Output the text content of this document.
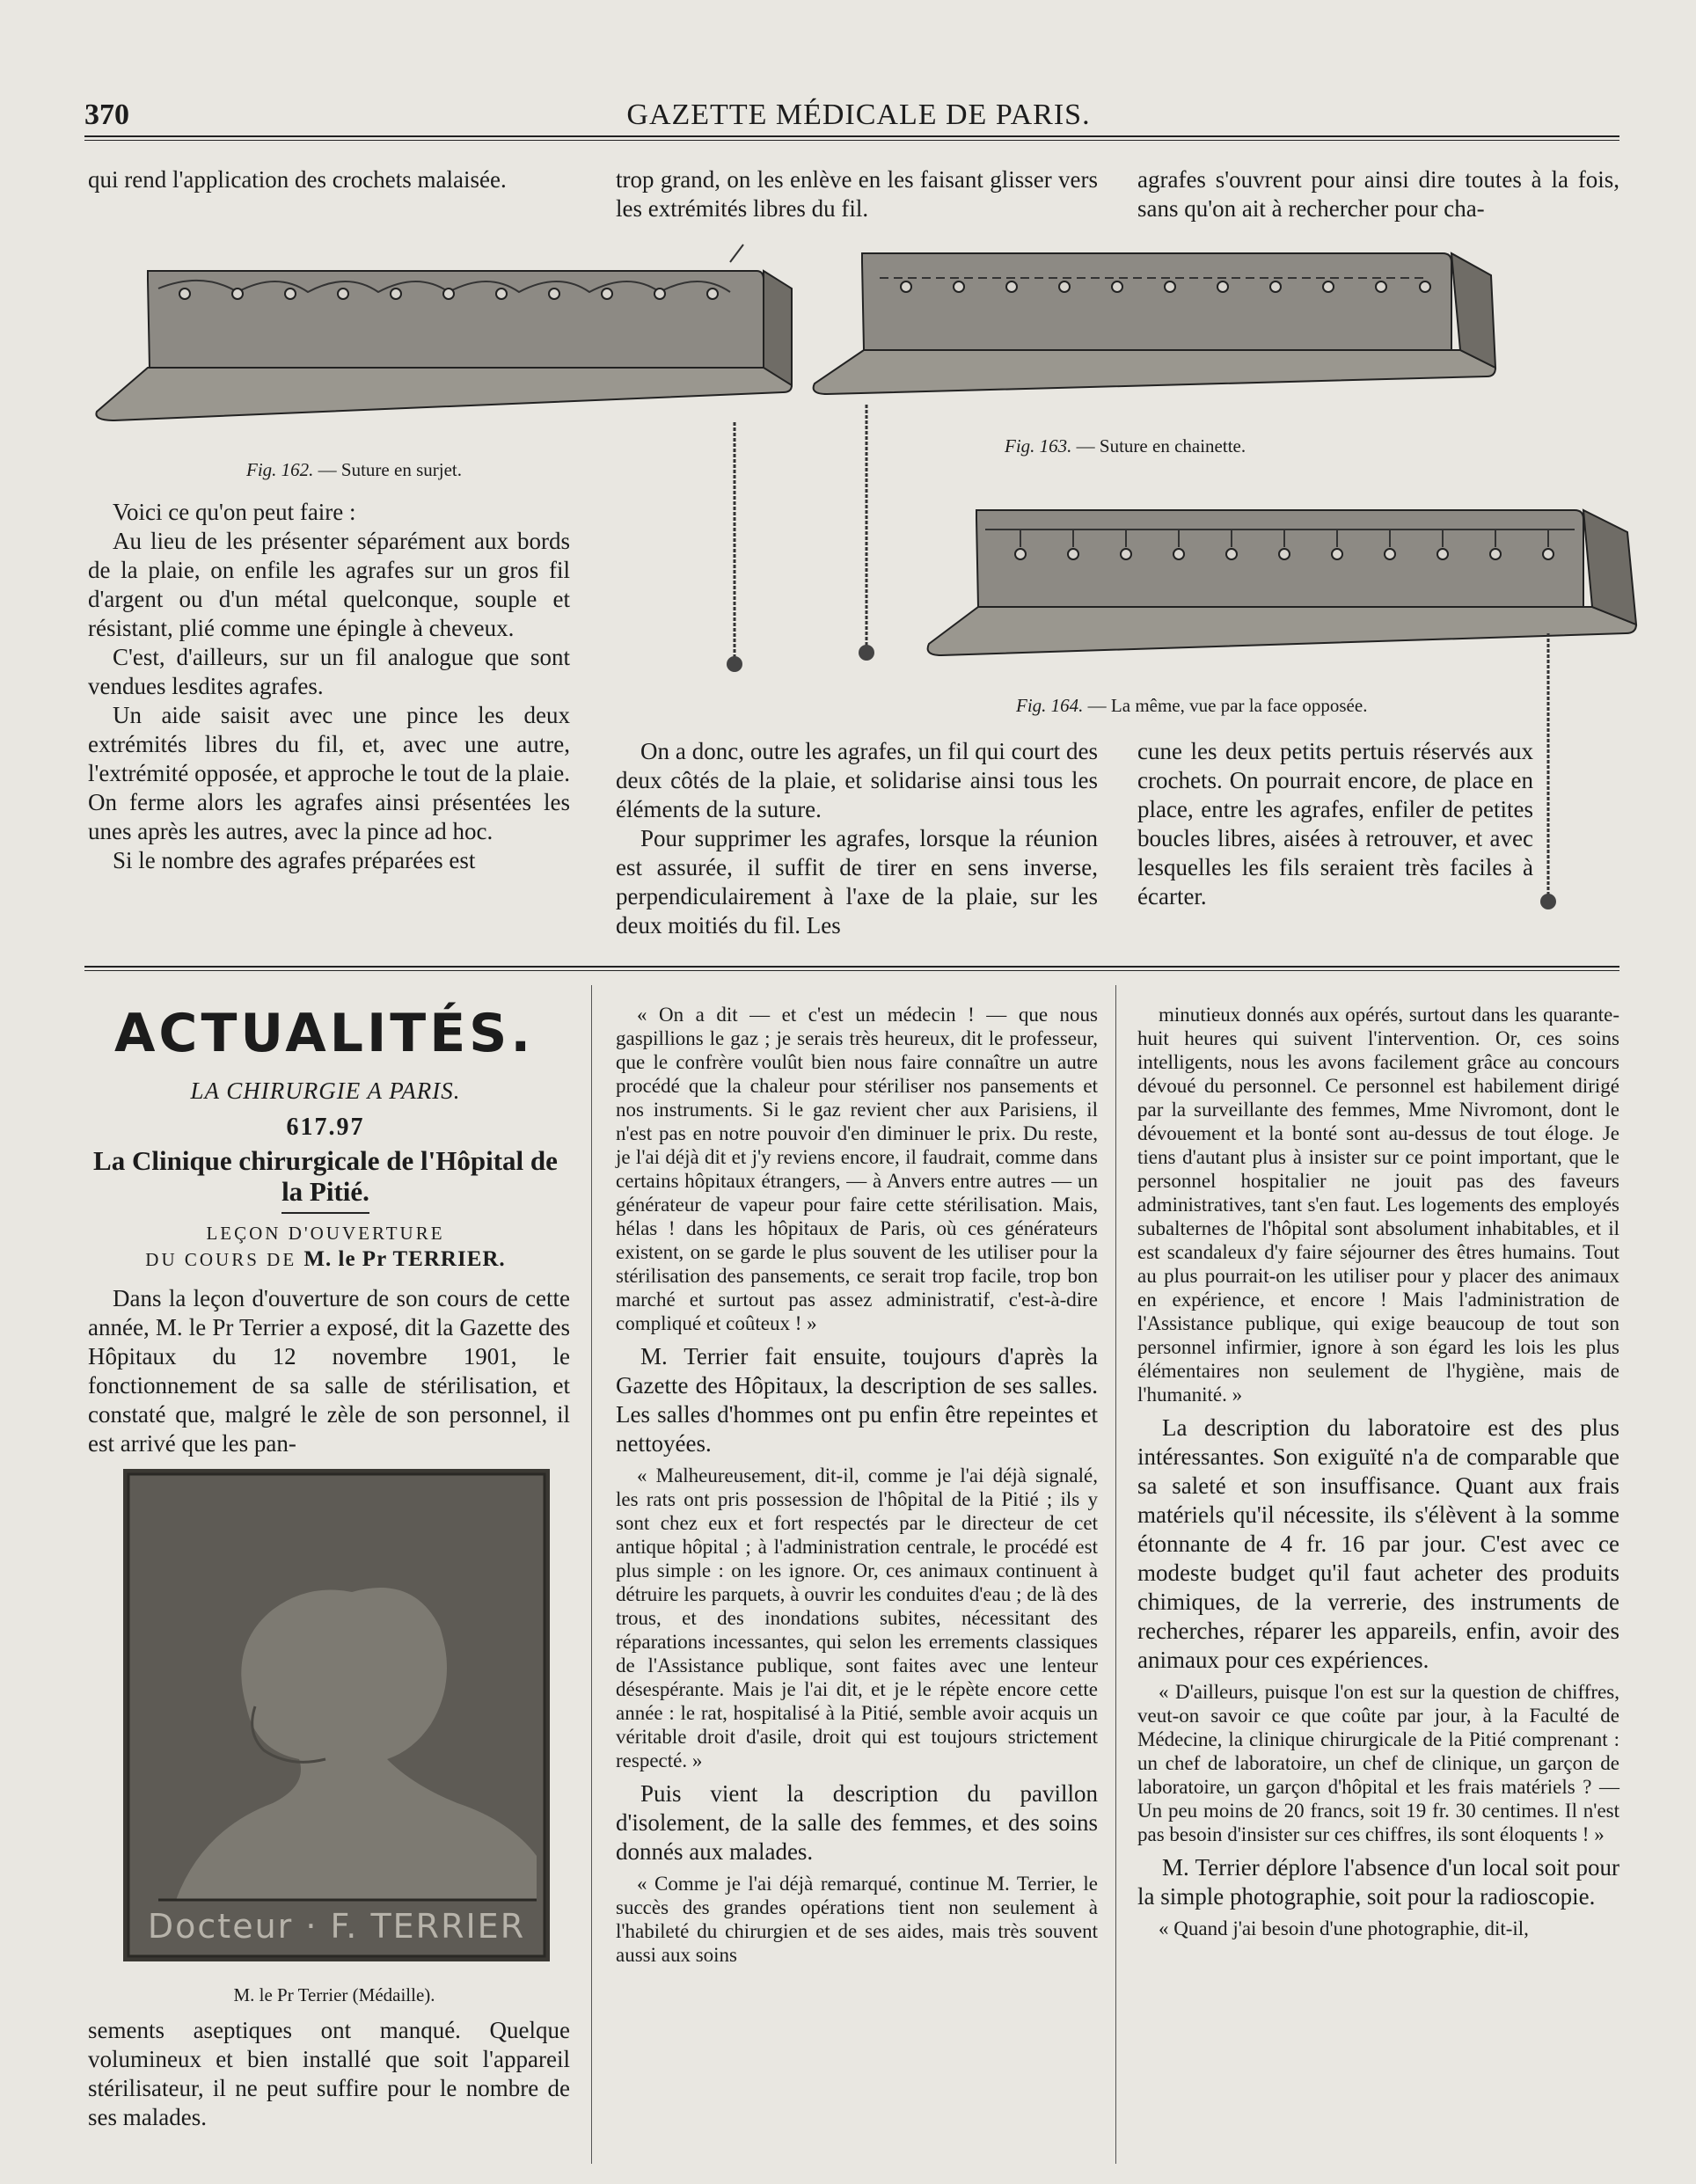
370	GAZETTE MÉDICALE DE PARIS.

qui rend l'application des crochets malaisée.	trop grand, on les enlève en les faisant glisser vers les extrémités libres du fil.

agrafes s'ouvrent pour ainsi dire toutes à la fois, sans qu'on ait à rechercher pour cha-

Fig. 162. — Suture en surjet.
Fig. 163. — Suture en chainette.
Fig. 164. — La même, vue par la face opposée.

Voici ce qu'on peut faire :

Au lieu de les présenter séparément aux bords de la plaie, on enfile les agrafes sur un gros fil d'argent ou d'un métal quelconque, souple et résistant, plié comme une épingle à cheveux.

C'est, d'ailleurs, sur un fil analogue que sont vendues lesdites agrafes.

Un aide saisit avec une pince les deux extrémités libres du fil, et, avec une autre, l'extrémité opposée, et approche le tout de la plaie. On ferme alors les agrafes ainsi présentées les unes après les autres, avec la pince ad hoc.

Si le nombre des agrafes préparées est

On a donc, outre les agrafes, un fil qui court des deux côtés de la plaie, et solidarise ainsi tous les éléments de la suture.

Pour supprimer les agrafes, lorsque la réunion est assurée, il suffit de tirer en sens inverse, perpendiculairement à l'axe de la plaie, sur les deux moitiés du fil. Les

cune les deux petits pertuis réservés aux crochets. On pourrait encore, de place en place, entre les agrafes, enfiler de petites boucles libres, aisées à retrouver, et avec lesquelles les fils seraient très faciles à écarter.

ACTUALITÉS.
LA CHIRURGIE A PARIS.
617.97
La Clinique chirurgicale de l'Hôpital de la Pitié.
LEÇON D'OUVERTURE
DU COURS DE M. le Pr TERRIER.

Dans la leçon d'ouverture de son cours de cette année, M. le Pr Terrier a exposé, dit la Gazette des Hôpitaux du 12 novembre 1901, le fonctionnement de sa salle de stérilisation, et constaté que, malgré le zèle de son personnel, il est arrivé que les pan-

Docteur · F. TERRIER
M. le Pr Terrier (Médaille).

sements aseptiques ont manqué. Quelque volumineux et bien installé que soit l'appareil stérilisateur, il ne peut suffire pour le nombre de ses malades.

« On a dit — et c'est un médecin ! — que nous gaspillions le gaz ; je serais très heureux, dit le professeur, que le confrère voulût bien nous faire connaître un autre procédé que la chaleur pour stériliser nos pansements et nos instruments. Si le gaz revient cher aux Parisiens, il n'est pas en notre pouvoir d'en diminuer le prix. Du reste, je l'ai déjà dit et j'y reviens encore, il faudrait, comme dans certains hôpitaux étrangers, — à Anvers entre autres — un générateur de vapeur pour faire cette stérilisation. Mais, hélas ! dans les hôpitaux de Paris, où ces générateurs existent, on se garde le plus souvent de les utiliser pour la stérilisation des pansements, ce serait trop facile, trop bon marché et surtout pas assez administratif, c'est-à-dire compliqué et coûteux ! »

M. Terrier fait ensuite, toujours d'après la Gazette des Hôpitaux, la description de ses salles. Les salles d'hommes ont pu enfin être repeintes et nettoyées.

« Malheureusement, dit-il, comme je l'ai déjà signalé, les rats ont pris possession de l'hôpital de la Pitié ; ils y sont chez eux et fort respectés par le directeur de cet antique hôpital ; à l'administration centrale, le procédé est plus simple : on les ignore. Or, ces animaux continuent à détruire les parquets, à ouvrir les conduites d'eau ; de là des trous, et des inondations subites, nécessitant des réparations incessantes, qui selon les errements classiques de l'Assistance publique, sont faites avec une lenteur désespérante. Mais je l'ai dit, et je le répète encore cette année : le rat, hospitalisé à la Pitié, semble avoir acquis un véritable droit d'asile, droit qui est toujours strictement respecté. »

Puis vient la description du pavillon d'isolement, de la salle des femmes, et des soins donnés aux malades.

« Comme je l'ai déjà remarqué, continue M. Terrier, le succès des grandes opérations tient non seulement à l'habileté du chirurgien et de ses aides, mais très souvent aussi aux soins

minutieux donnés aux opérés, surtout dans les quarante-huit heures qui suivent l'intervention. Or, ces soins intelligents, nous les avons facilement grâce au concours dévoué du personnel. Ce personnel est habilement dirigé par la surveillante des femmes, Mme Nivromont, dont le dévouement et la bonté sont au-dessus de tout éloge. Je tiens d'autant plus à insister sur ce point important, que le personnel hospitalier ne jouit pas des faveurs administratives, tant s'en faut. Les logements des employés subalternes de l'hôpital sont absolument inhabitables, et il est scandaleux d'y faire séjourner des êtres humains. Tout au plus pourrait-on les utiliser pour y placer des animaux en expérience, et encore ! Mais l'administration de l'Assistance publique, qui exige beaucoup de tout son personnel infirmier, ignore à son égard les lois les plus élémentaires non seulement de l'hygiène, mais de l'humanité. »

La description du laboratoire est des plus intéressantes. Son exiguïté n'a de comparable que sa saleté et son insuffisance. Quant aux frais matériels qu'il nécessite, ils s'élèvent à la somme étonnante de 4 fr. 16 par jour. C'est avec ce modeste budget qu'il faut acheter des produits chimiques, de la verrerie, des instruments de recherches, réparer les appareils, enfin, avoir des animaux pour ces expériences.

« D'ailleurs, puisque l'on est sur la question de chiffres, veut-on savoir ce que coûte par jour, à la Faculté de Médecine, la clinique chirurgicale de la Pitié comprenant : un chef de laboratoire, un chef de clinique, un garçon de laboratoire, un garçon d'hôpital et les frais matériels ? — Un peu moins de 20 francs, soit 19 fr. 30 centimes. Il n'est pas besoin d'insister sur ces chiffres, ils sont éloquents ! »

M. Terrier déplore l'absence d'un local soit pour la simple photographie, soit pour la radioscopie.

« Quand j'ai besoin d'une photographie, dit-il,
